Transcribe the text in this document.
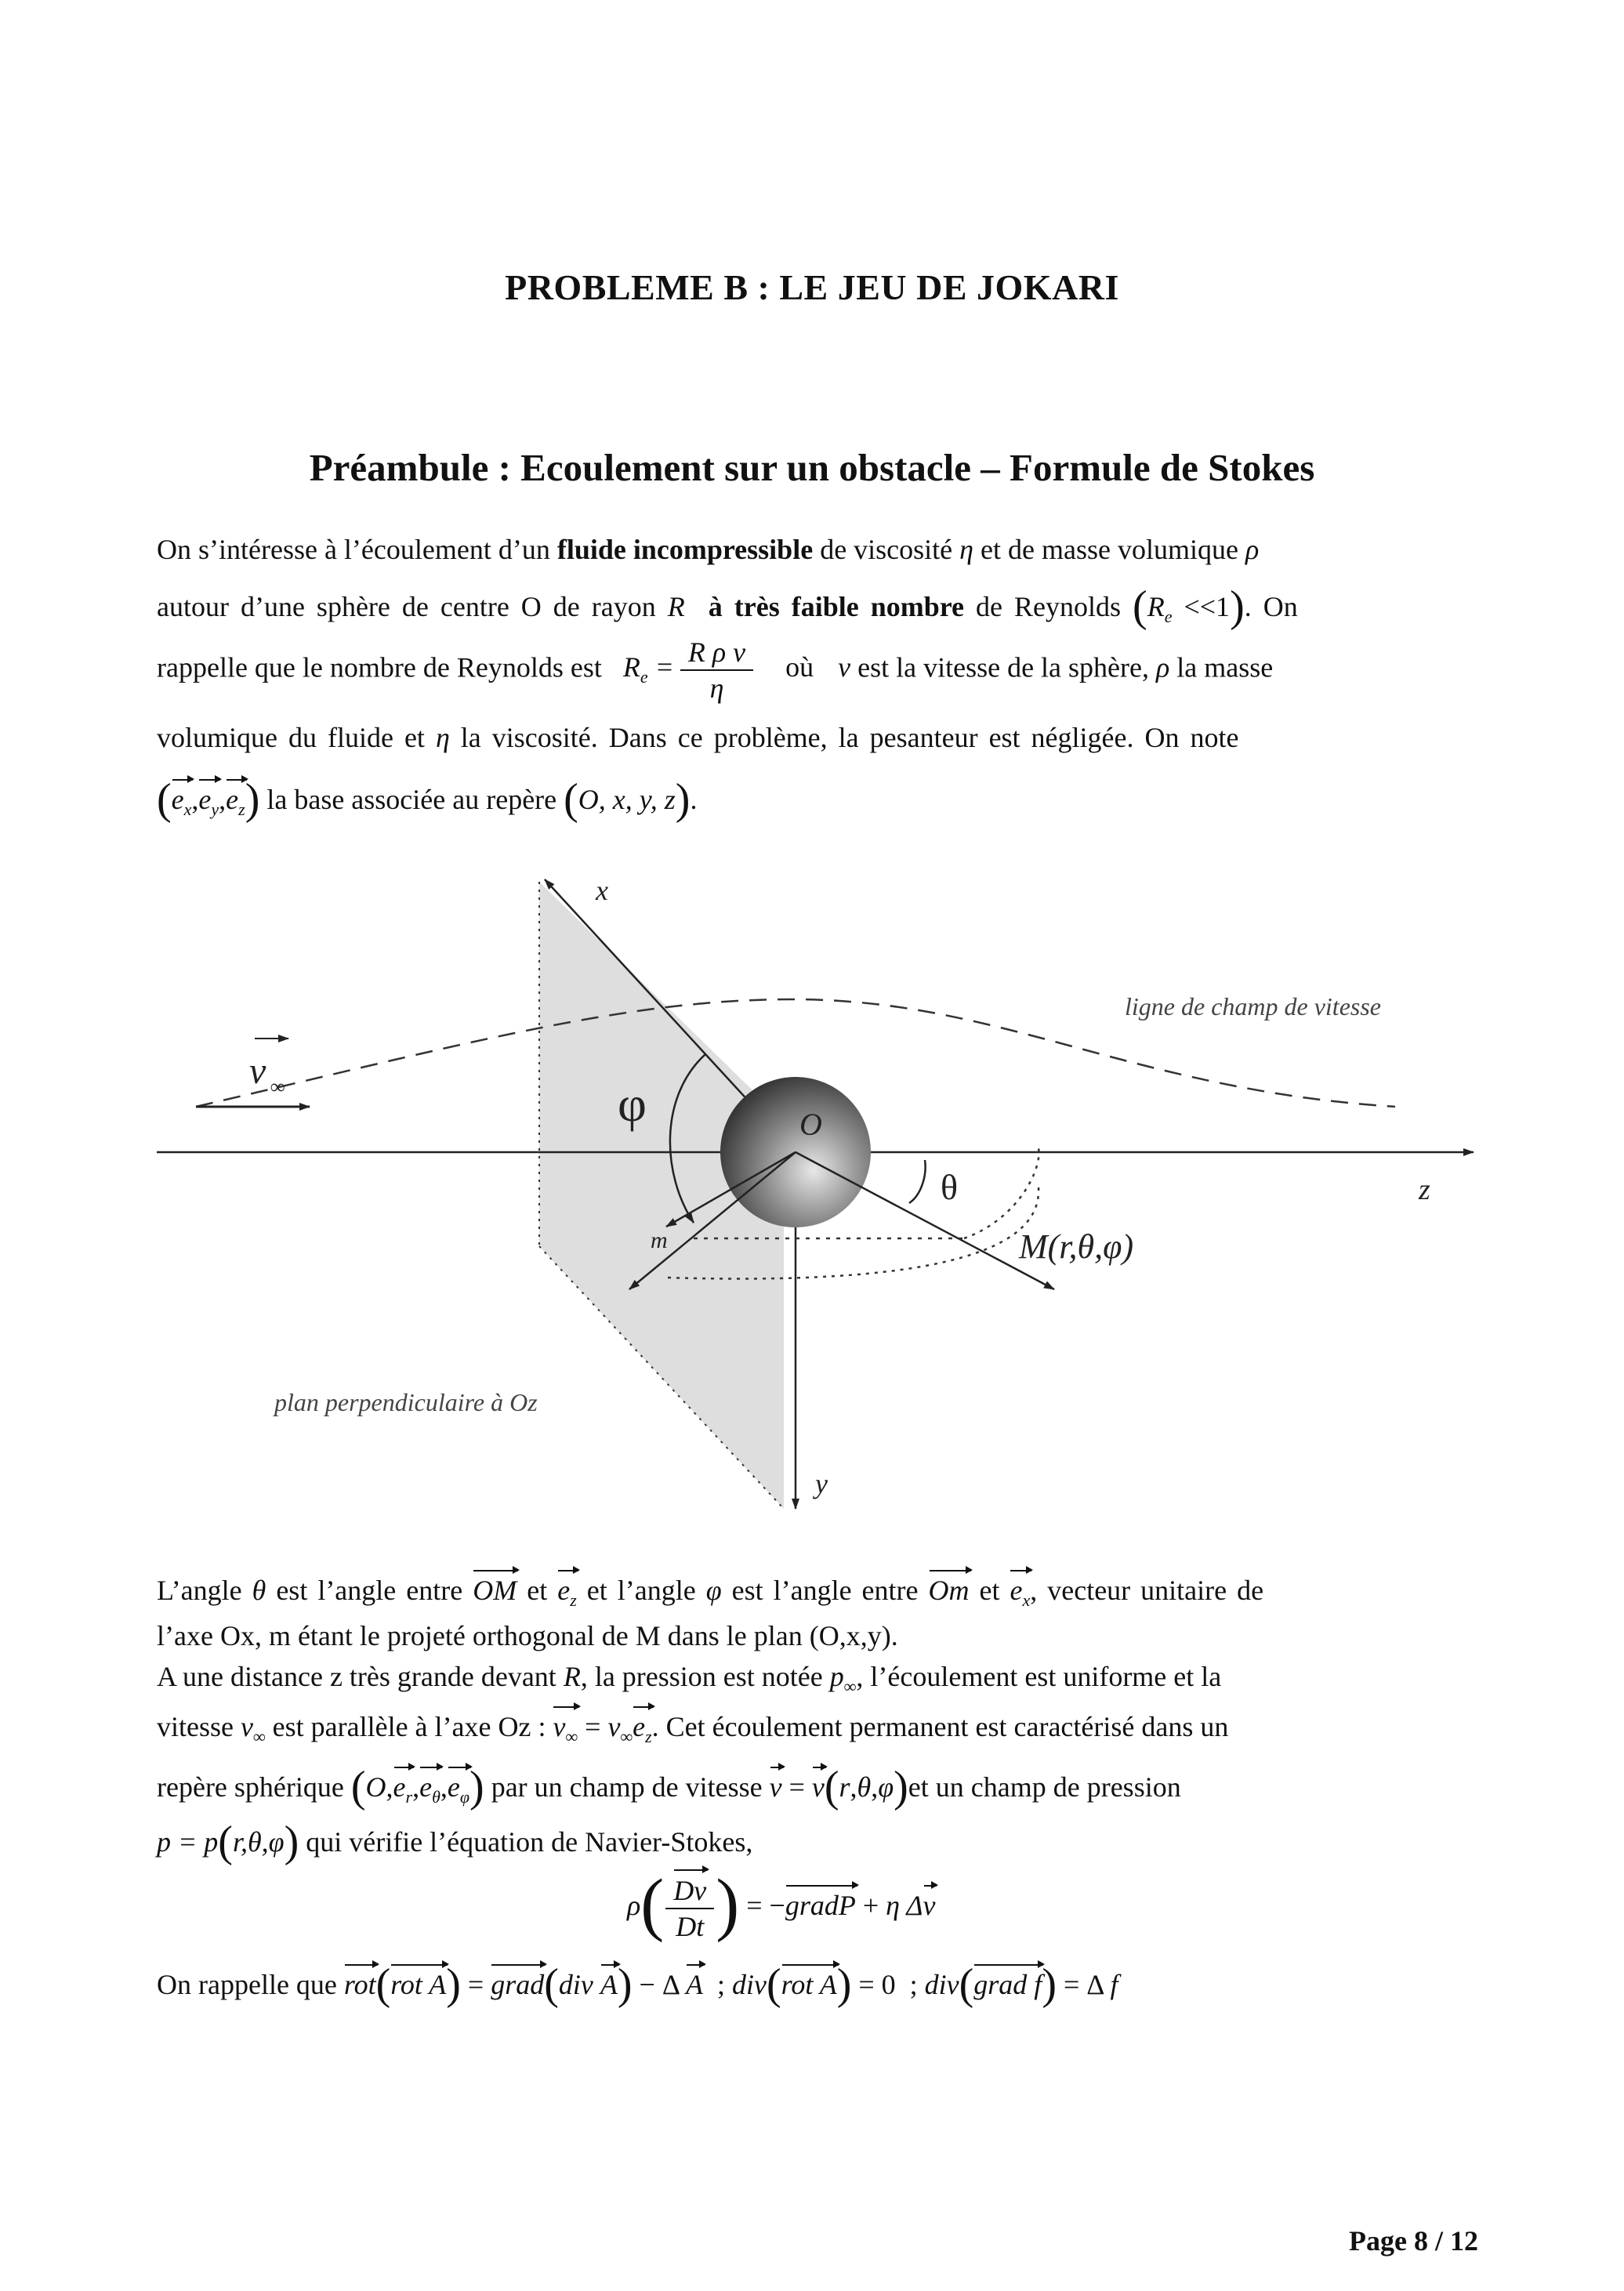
PROBLEME B : LE JEU DE JOKARI
Préambule : Ecoulement sur un obstacle – Formule de Stokes
On s’intéresse à l’écoulement d’un fluide incompressible de viscosité η et de masse volumique ρ
autour d’une sphère de centre O de rayon R à très faible nombre de Reynolds $(R_e <<1)$. On
rappelle que le nombre de Reynolds est $R_e = \frac{\text{R ρ v}}{\eta}$ où v est la vitesse de la sphère, ρ la masse
volumique du fluide et η la viscosité. Dans ce problème, la pesanteur est négligée. On note
$(e_x,e_y,e_z)$ la base associée au repère (O, x, y, z).
x
y
z
v ∞	φ	O
θ
m	M(r,θ,φ)
ligne de champ de vitesse
plan perpendiculaire à Oz
L’angle θ est l’angle entre OM et $e_z$ et l’angle φ est l’angle entre Om et $e_x$, vecteur unitaire de
l’axe Ox, m étant le projeté orthogonal de M dans le plan (O,x,y).
A une distance z très grande devant R, la pression est notée $p_\infty$, l’écoulement est uniforme et la
vitesse $v_\infty$ est parallèle à l’axe Oz : $v_\infty = v_\infty e_z$. Cet écoulement permanent est caractérisé dans un
repère sphérique $(O,e_r,e_\theta,e_\varphi)$ par un champ de vitesse v = v(r,θ,φ)et un champ de pression
p = p(r,θ,φ) qui vérifie l’équation de Navier-Stokes,
$\rho( \frac{Dv}{Dt}$ ) = −gradP + η Δv
On rappelle que rot(rot A) = grad(div A) − Δ A  ; div(rot A) = 0  ; div(grad f) = Δ f
Page 8 / 12
